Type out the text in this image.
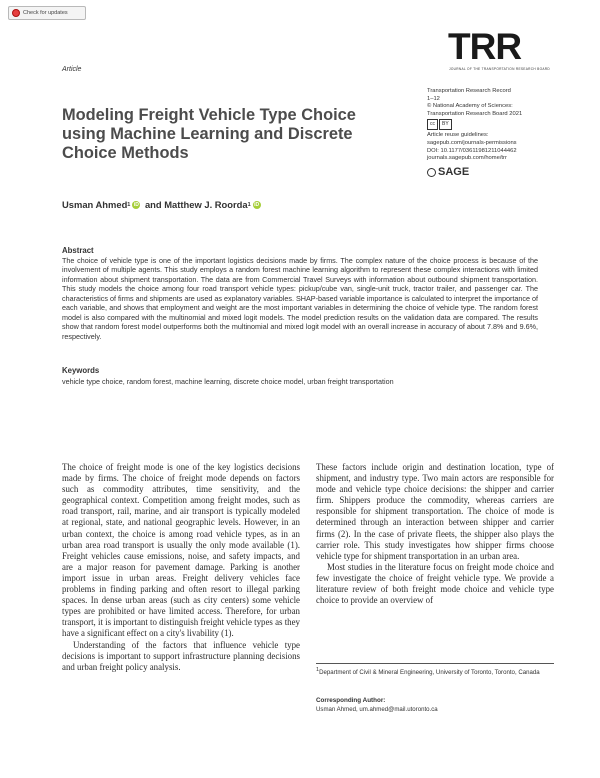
Check for updates
Article
TRR
JOURNAL OF THE TRANSPORTATION RESEARCH BOARD
Modeling Freight Vehicle Type Choice using Machine Learning and Discrete Choice Methods
Transportation Research Record
1–12
© National Academy of Sciences:
Transportation Research Board 2021
cc	BY
Article reuse guidelines:
sagepub.com/journals-permissions
DOI: 10.1177/03611981211044462
journals.sagepub.com/home/trr
SAGE
Usman Ahmed 1 iD and Matthew J. Roorda 1 iD
Abstract
The choice of vehicle type is one of the important logistics decisions made by firms. The complex nature of the choice process is because of the involvement of multiple agents. This study employs a random forest machine learning algorithm to represent these complex interactions with limited information about shipment transportation. The data are from Commercial Travel Surveys with information about outbound shipment transportation. This study models the choice among four road transport vehicle types: pickup/cube van, single-unit truck, tractor trailer, and passenger car. The characteristics of firms and shipments are used as explanatory variables. SHAP-based variable importance is calculated to interpret the importance of each variable, and shows that employment and weight are the most important variables in determining the choice of vehicle type. The random forest model is also compared with the multinomial and mixed logit models. The model prediction results on the validation data are compared. The results show that random forest model outperforms both the multinomial and mixed logit model with an overall increase in accuracy of about 7.8% and 9.6%, respectively.
Keywords
vehicle type choice, random forest, machine learning, discrete choice model, urban freight transportation

The choice of freight mode is one of the key logistics decisions made by firms. The choice of freight mode depends on factors such as commodity attributes, time sensitivity, and the geographical context. Competition among freight modes, such as road transport, rail, marine, and air transport is typically modeled at regional, state, and national geographic levels. However, in an urban context, the choice is among road vehicle types, as in an urban area road transport is usually the only mode available (1). Freight vehicles cause emissions, noise, and safety impacts, and are a major reason for pavement damage. Parking is another import issue in urban areas. Freight delivery vehicles face problems in finding parking and often resort to illegal parking spaces. In dense urban areas (such as city centers) some vehicle types are prohibited or have limited access. Therefore, for urban transport, it is important to distinguish freight vehicle types as they have a significant effect on a city's livability (1).

Understanding of the factors that influence vehicle type decisions is important to support infrastructure planning decisions and urban freight policy analysis.

These factors include origin and destination location, type of shipment, and industry type. Two main actors are responsible for mode and vehicle type choice decisions: the shipper and carrier firm. Shippers produce the commodity, whereas carriers are responsible for shipment transportation. The choice of mode is determined through an interaction between shipper and carrier firms (2). In the case of private fleets, the shipper also plays the carrier role. This study investigates how shipper firms choose vehicle type for shipment transportation in an urban area.

Most studies in the literature focus on freight mode choice and few investigate the choice of freight vehicle type. We provide a literature review of both freight mode choice and vehicle type choice to provide an overview of

1Department of Civil & Mineral Engineering, University of Toronto, Toronto, Canada
Corresponding Author:
Usman Ahmed, um.ahmed@mail.utoronto.ca
